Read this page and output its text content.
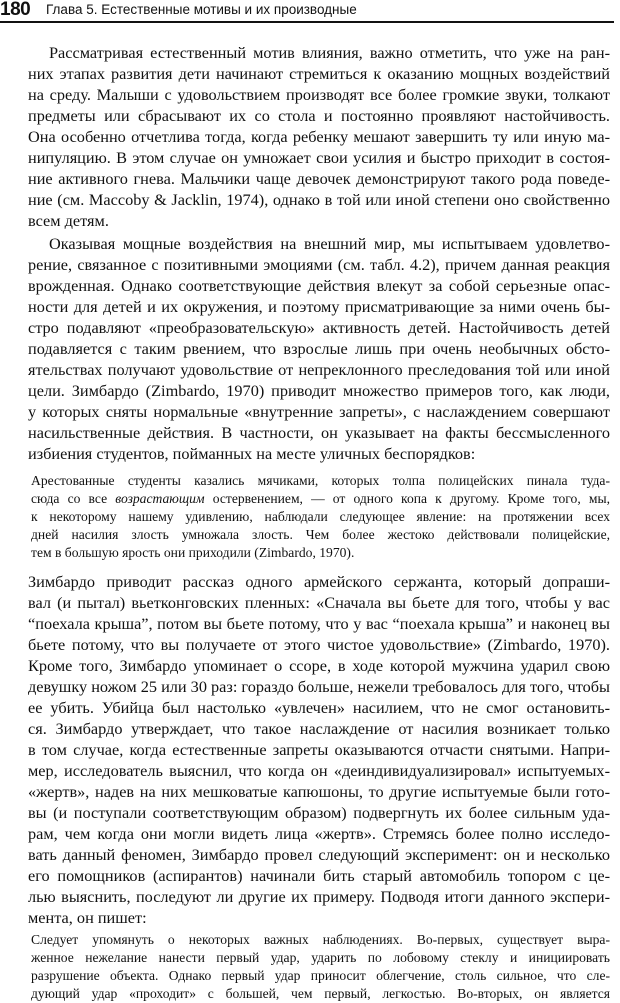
180 Глава 5. Естественные мотивы и их производные
Рассматривая естественный мотив влияния, важно отметить, что уже на ран-
них этапах развития дети начинают стремиться к оказанию мощных воздействий
на среду. Малыши с удовольствием производят все более громкие звуки, толкают
предметы или сбрасывают их со стола и постоянно проявляют настойчивость.
Она особенно отчетлива тогда, когда ребенку мешают завершить ту или иную ма-
нипуляцию. В этом случае он умножает свои усилия и быстро приходит в состоя-
ние активного гнева. Мальчики чаще девочек демонстрируют такого рода поведе-
ние (см. Maccoby & Jacklin, 1974), однако в той или иной степени оно свойственно
всем детям.
Оказывая мощные воздействия на внешний мир, мы испытываем удовлетво-
рение, связанное с позитивными эмоциями (см. табл. 4.2), причем данная реакция
врожденная. Однако соответствующие действия влекут за собой серьезные опас-
ности для детей и их окружения, и поэтому присматривающие за ними очень бы-
стро подавляют «преобразовательскую» активность детей. Настойчивость детей
подавляется с таким рвением, что взрослые лишь при очень необычных обсто-
ятельствах получают удовольствие от непреклонного преследования той или иной
цели. Зимбардо (Zimbardo, 1970) приводит множество примеров того, как люди,
у которых сняты нормальные «внутренние запреты», с наслаждением совершают
насильственные действия. В частности, он указывает на факты бессмысленного
избиения студентов, пойманных на месте уличных беспорядков:
Арестованные студенты казались мячиками, которых толпа полицейских пинала туда-
сюда со все возрастающим остервенением, — от одного копа к другому. Кроме того, мы,
к некоторому нашему удивлению, наблюдали следующее явление: на протяжении всех
дней насилия злость умножала злость. Чем более жестоко действовали полицейские,
тем в большую ярость они приходили (Zimbardo, 1970).
Зимбардо приводит рассказ одного армейского сержанта, который допраши-
вал (и пытал) вьетконговских пленных: «Сначала вы бьете для того, чтобы у вас
“поехала крыша”, потом вы бьете потому, что у вас “поехала крыша” и наконец вы
бьете потому, что вы получаете от этого чистое удовольствие» (Zimbardo, 1970).
Кроме того, Зимбардо упоминает о ссоре, в ходе которой мужчина ударил свою
девушку ножом 25 или 30 раз: гораздо больше, нежели требовалось для того, чтобы
ее убить. Убийца был настолько «увлечен» насилием, что не смог остановить-
ся. Зимбардо утверждает, что такое наслаждение от насилия возникает только
в том случае, когда естественные запреты оказываются отчасти снятыми. Напри-
мер, исследователь выяснил, что когда он «деиндивидуализировал» испытуемых-
«жертв», надев на них мешковатые капюшоны, то другие испытуемые были гото-
вы (и поступали соответствующим образом) подвергнуть их более сильным уда-
рам, чем когда они могли видеть лица «жертв». Стремясь более полно исследо-
вать данный феномен, Зимбардо провел следующий эксперимент: он и несколько
его помощников (аспирантов) начинали бить старый автомобиль топором с це-
лью выяснить, последуют ли другие их примеру. Подводя итоги данного экспери-
мента, он пишет:
Следует упомянуть о некоторых важных наблюдениях. Во-первых, существует выра-
женное нежелание нанести первый удар, ударить по лобовому стеклу и инициировать
разрушение объекта. Однако первый удар приносит облегчение, столь сильное, что сле-
дующий удар «проходит» с большей, чем первый, легкостью. Во-вторых, он является
